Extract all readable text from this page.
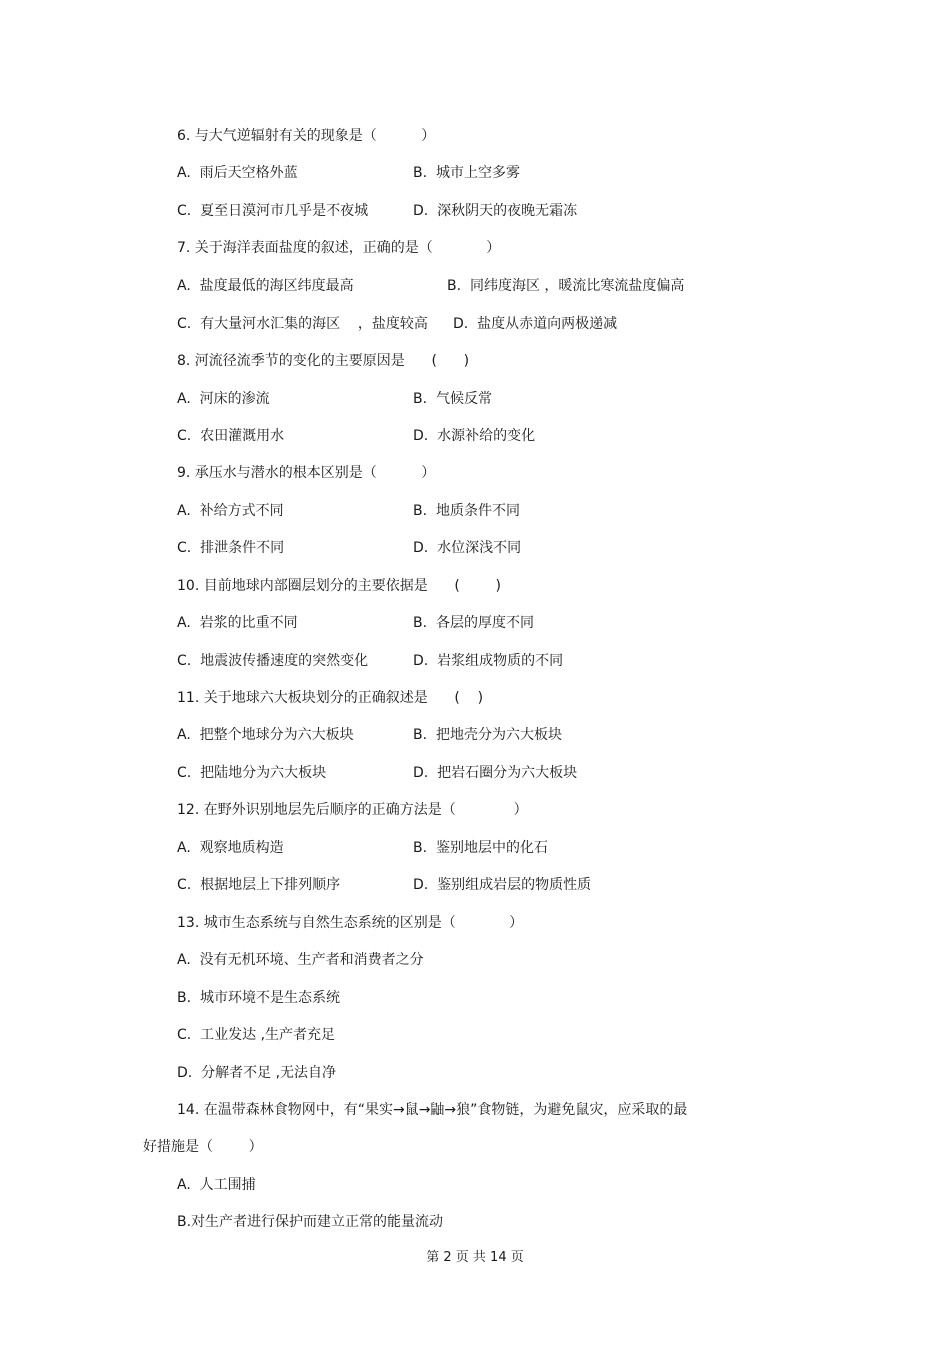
6. 与大气逆辐射有关的现象是（          ）
A.  雨后天空格外蓝	B.  城市上空多雾
C.  夏至日漠河市几乎是不夜城	D.  深秋阴天的夜晚无霜冻
7. 关于海洋表面盐度的叙述，正确的是（            ）
A.  盐度最低的海区纬度最高	B.  同纬度海区 ，暖流比寒流盐度偏高
C.  有大量河水汇集的海区    ，盐度较高 D.  盐度从赤道向两极递减
8. 河流径流季节的变化的主要原因是      (      )
A.  河床的渗流	B.  气候反常
C.  农田灌溉用水	D.  水源补给的变化
9. 承压水与潜水的根本区别是（          ）
A.  补给方式不同	B.  地质条件不同
C.  排泄条件不同	D.  水位深浅不同
10. 目前地球内部圈层划分的主要依据是      (        )
A.  岩浆的比重不同	B.  各层的厚度不同
C.  地震波传播速度的突然变化	D.  岩浆组成物质的不同
11. 关于地球六大板块划分的正确叙述是      (    )
A.  把整个地球分为六大板块	B.  把地壳分为六大板块
C.  把陆地分为六大板块	D.  把岩石圈分为六大板块
12. 在野外识别地层先后顺序的正确方法是（             ）
A.  观察地质构造	B.  鉴别地层中的化石
C.  根据地层上下排列顺序	D.  鉴别组成岩层的物质性质
13. 城市生态系统与自然生态系统的区别是（            ）
A.  没有无机环境、生产者和消费者之分
B.  城市环境不是生态系统
C.  工业发达 ,生产者充足
D.  分解者不足 ,无法自净
14. 在温带森林食物网中，有“果实→鼠→鼬→狼”食物链，为避免鼠灾，应采取的最
好措施是（        ）
A.  人工围捕
B.对生产者进行保护而建立正常的能量流动
第 2 页 共 14 页
